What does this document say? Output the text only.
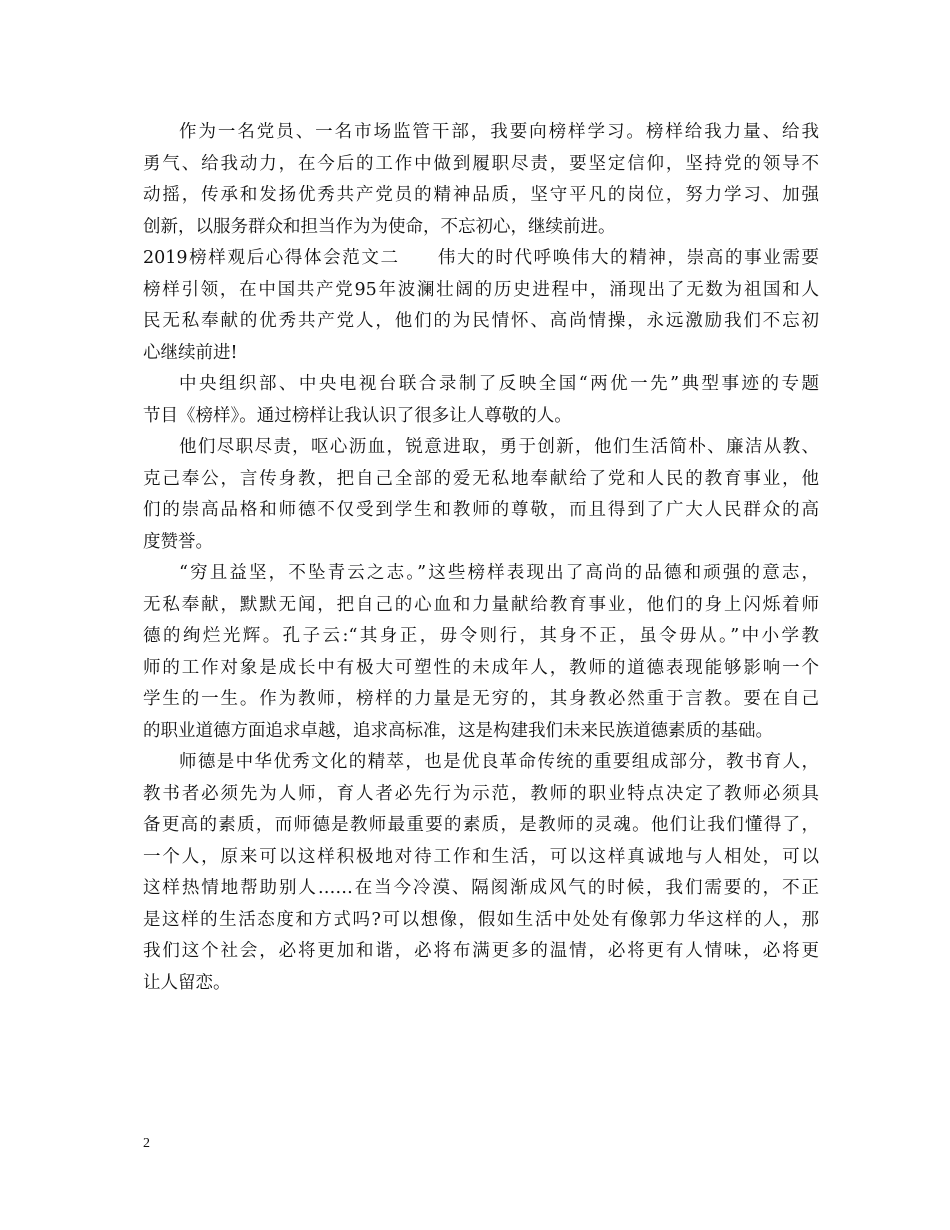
作为一名党员、一名市场监管干部，我要向榜样学习。榜样给我力量、给我
勇气、给我动力，在今后的工作中做到履职尽责，要坚定信仰，坚持党的领导不
动摇，传承和发扬优秀共产党员的精神品质，坚守平凡的岗位，努力学习、加强
创新，以服务群众和担当作为为使命，不忘初心，继续前进。
2019榜样观后心得体会范文二　　伟大的时代呼唤伟大的精神，崇高的事业需要
榜样引领，在中国共产党95年波澜壮阔的历史进程中，涌现出了无数为祖国和人
民无私奉献的优秀共产党人，他们的为民情怀、高尚情操，永远激励我们不忘初
心继续前进!
中央组织部、中央电视台联合录制了反映全国“两优一先”典型事迹的专题
节目《榜样》。通过榜样让我认识了很多让人尊敬的人。
他们尽职尽责，呕心沥血，锐意进取，勇于创新，他们生活简朴、廉洁从教、
克己奉公，言传身教，把自己全部的爱无私地奉献给了党和人民的教育事业，他
们的崇高品格和师德不仅受到学生和教师的尊敬，而且得到了广大人民群众的高
度赞誉。
“穷且益坚，不坠青云之志。”这些榜样表现出了高尚的品德和顽强的意志，
无私奉献，默默无闻，把自己的心血和力量献给教育事业，他们的身上闪烁着师
德的绚烂光辉。孔子云:“其身正，毋令则行，其身不正，虽令毋从。”中小学教
师的工作对象是成长中有极大可塑性的未成年人，教师的道德表现能够影响一个
学生的一生。作为教师，榜样的力量是无穷的，其身教必然重于言教。要在自己
的职业道德方面追求卓越，追求高标准，这是构建我们未来民族道德素质的基础。
师德是中华优秀文化的精萃，也是优良革命传统的重要组成部分，教书育人，
教书者必须先为人师，育人者必先行为示范，教师的职业特点决定了教师必须具
备更高的素质，而师德是教师最重要的素质，是教师的灵魂。他们让我们懂得了，
一个人，原来可以这样积极地对待工作和生活，可以这样真诚地与人相处，可以
这样热情地帮助别人……在当今冷漠、隔阂渐成风气的时候，我们需要的，不正
是这样的生活态度和方式吗?可以想像，假如生活中处处有像郭力华这样的人，那
我们这个社会，必将更加和谐，必将布满更多的温情，必将更有人情味，必将更
让人留恋。
2
